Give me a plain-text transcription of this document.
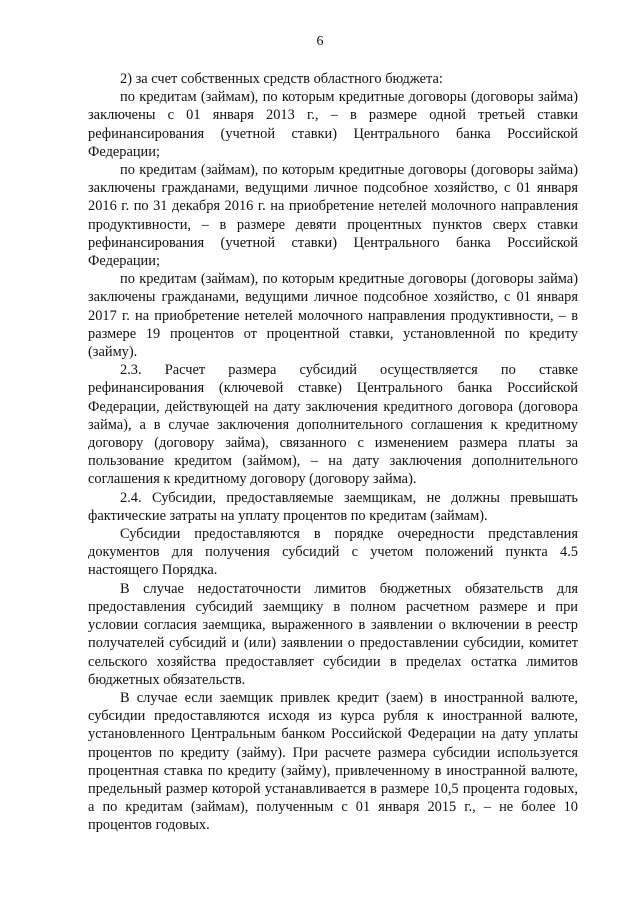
6

2) за счет собственных средств областного бюджета:

по кредитам (займам), по которым кредитные договоры (договоры займа) заключены с 01 января 2013 г., – в размере одной третьей ставки рефинансирования (учетной ставки) Центрального банка Российской Федерации;

по кредитам (займам), по которым кредитные договоры (договоры займа) заключены гражданами, ведущими личное подсобное хозяйство, с 01 января 2016 г. по 31 декабря 2016 г. на приобретение нетелей молочного направления продуктивности, – в размере девяти процентных пунктов сверх ставки рефинансирования (учетной ставки) Центрального банка Российской Федерации;

по кредитам (займам), по которым кредитные договоры (договоры займа) заключены гражданами, ведущими личное подсобное хозяйство, с 01 января 2017 г. на приобретение нетелей молочного направления продуктивности, – в размере 19 процентов от процентной ставки, установленной по кредиту (займу).

2.3. Расчет размера субсидий осуществляется по ставке рефинансирования (ключевой ставке) Центрального банка Российской Федерации, действующей на дату заключения кредитного договора (договора займа), а в случае заключения дополнительного соглашения к кредитному договору (договору займа), связанного с изменением размера платы за пользование кредитом (займом), – на дату заключения дополнительного соглашения к кредитному договору (договору займа).

2.4. Субсидии, предоставляемые заемщикам, не должны превышать фактические затраты на уплату процентов по кредитам (займам).

Субсидии предоставляются в порядке очередности представления документов для получения субсидий с учетом положений пункта 4.5 настоящего Порядка.

В случае недостаточности лимитов бюджетных обязательств для предоставления субсидий заемщику в полном расчетном размере и при условии согласия заемщика, выраженного в заявлении о включении в реестр получателей субсидий и (или) заявлении о предоставлении субсидии, комитет сельского хозяйства предоставляет субсидии в пределах остатка лимитов бюджетных обязательств.

В случае если заемщик привлек кредит (заем) в иностранной валюте, субсидии предоставляются исходя из курса рубля к иностранной валюте, установленного Центральным банком Российской Федерации на дату уплаты процентов по кредиту (займу). При расчете размера субсидии используется процентная ставка по кредиту (займу), привлеченному в иностранной валюте, предельный размер которой устанавливается в размере 10,5 процента годовых, а по кредитам (займам), полученным с 01 января 2015 г., – не более 10 процентов годовых.
